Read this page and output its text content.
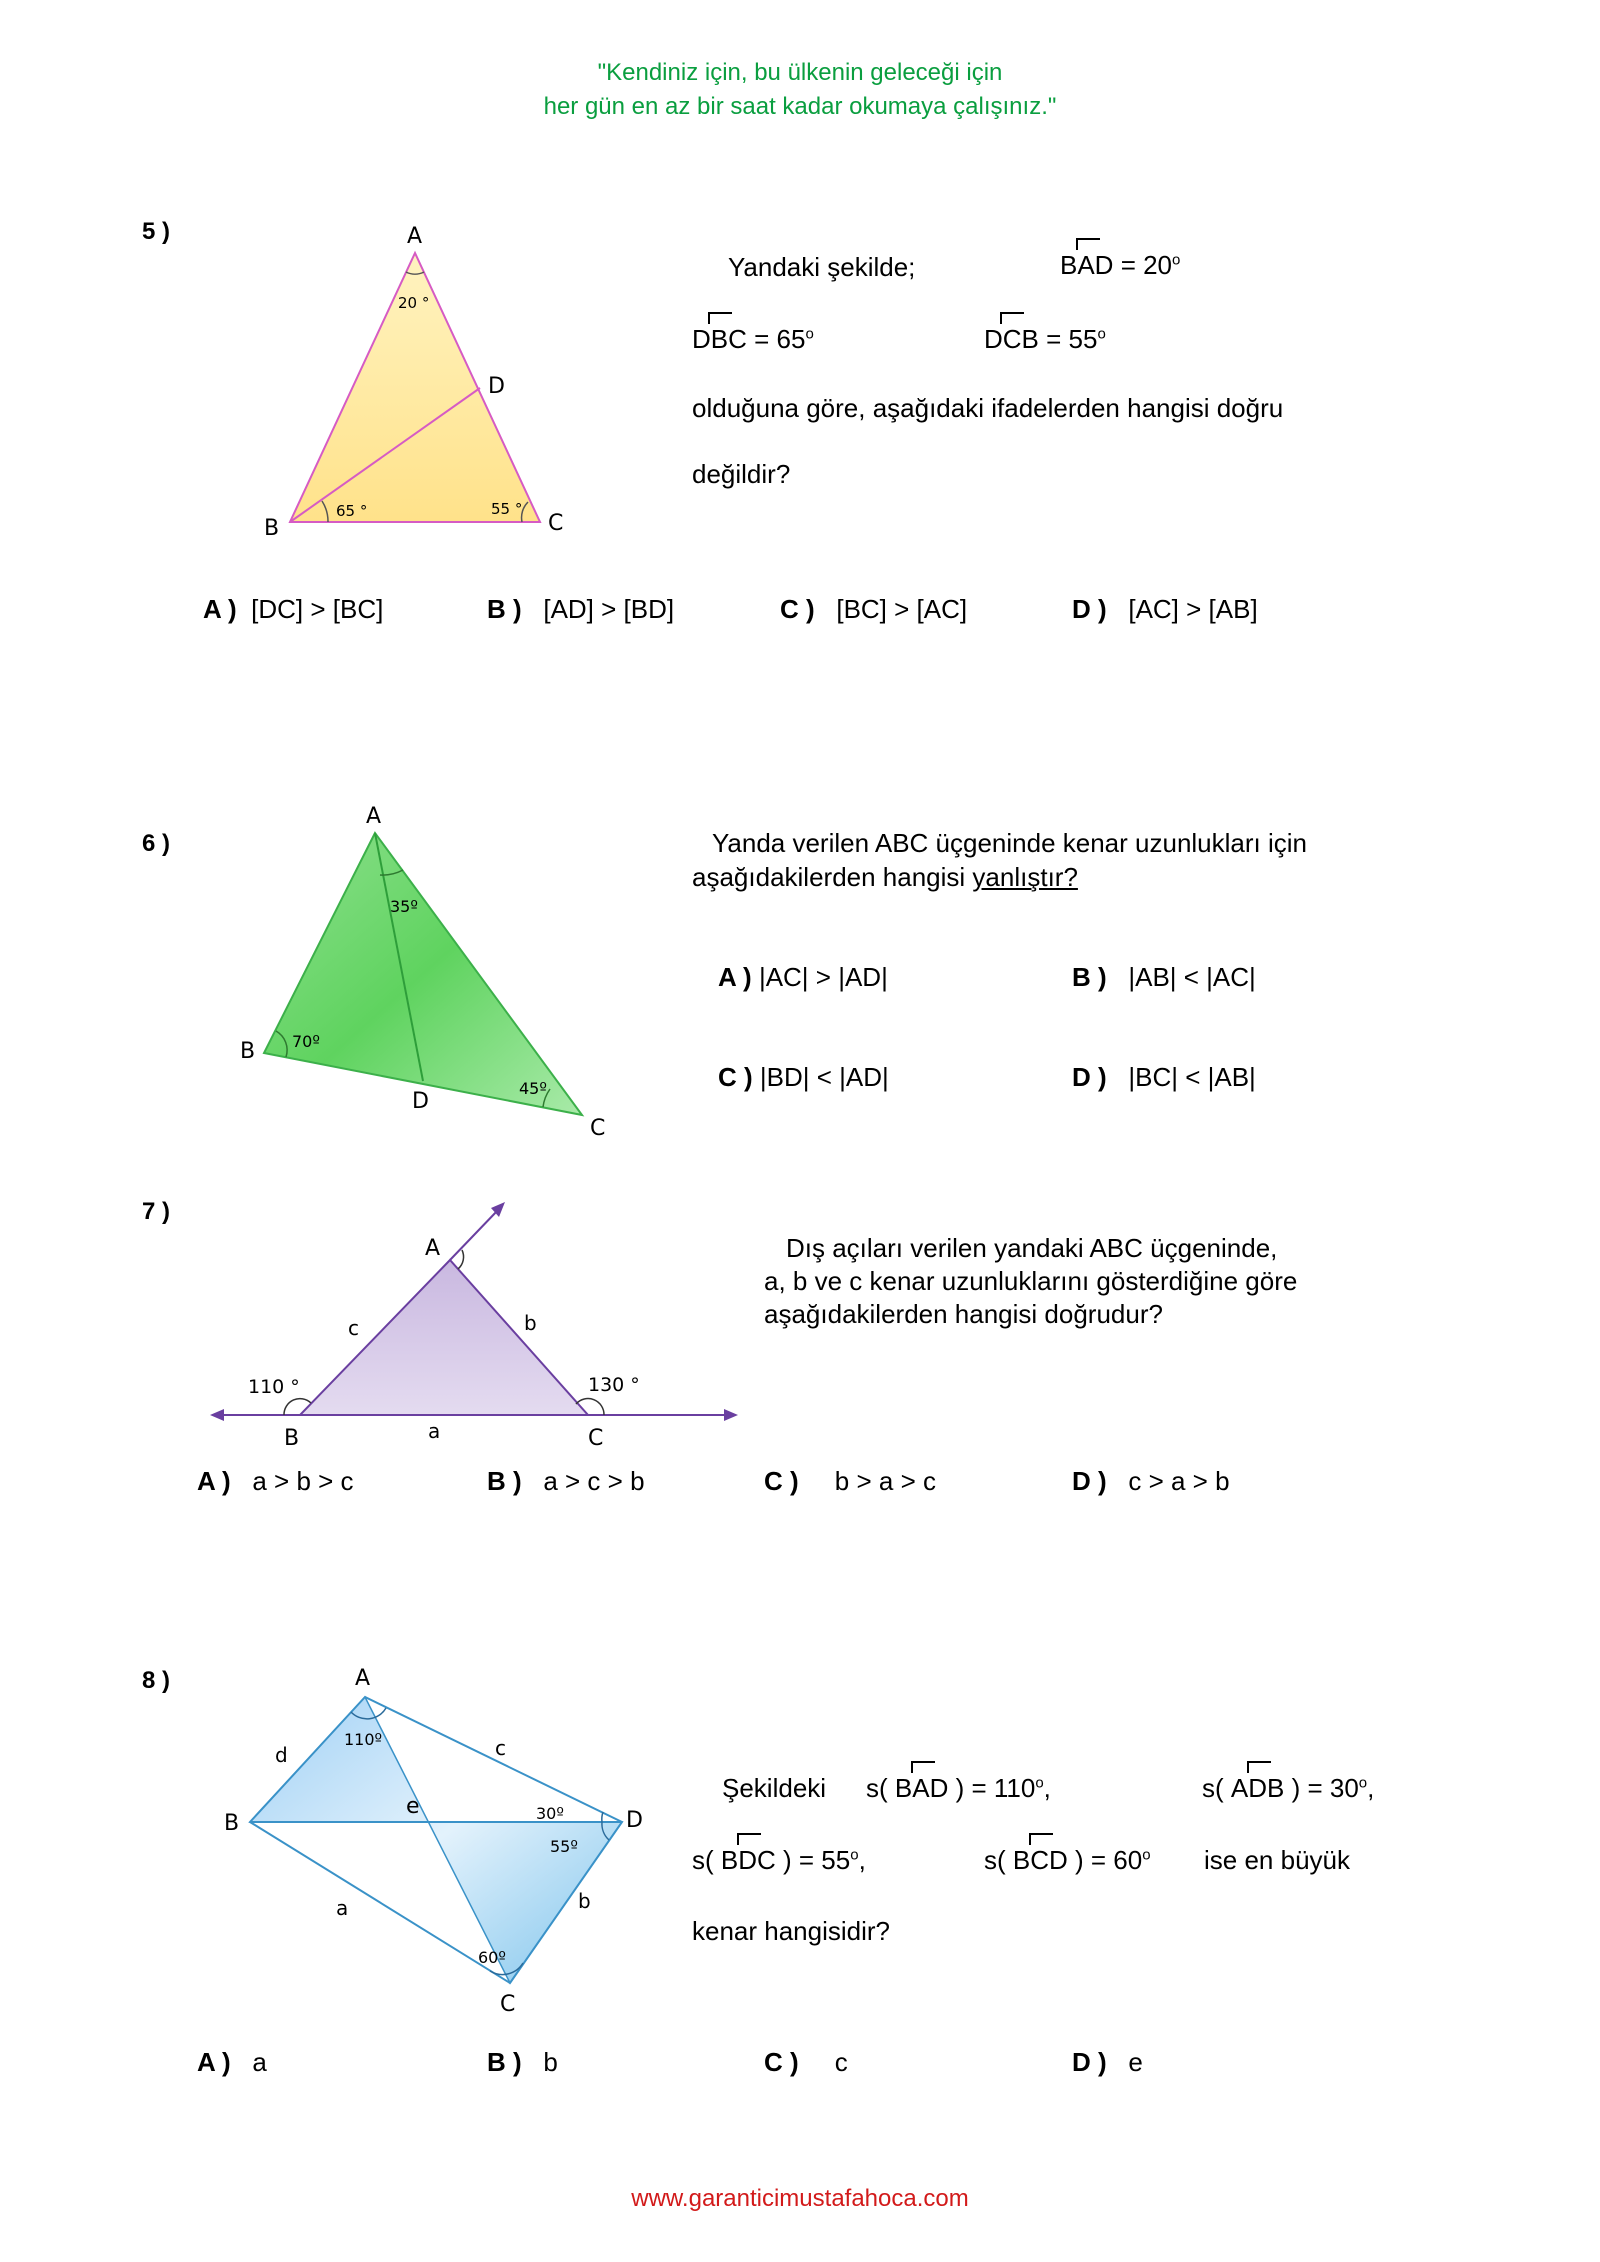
"Kendiniz için, bu ülkenin geleceği için
her gün en az bir saat kadar okumaya çalışınız."
5 )	A
B	C
D
20 °
65 °	55 °
Yandaki şekilde;	BAD = $20^o$
DBC = $65^o$	DCB = $55^o$
olduğuna göre, aşağıdaki ifadelerden hangisi doğru
değildir?
A ) [DC] > [BC]	B ) [AD] > [BD]	C ) [BC] > [AC]	D ) [AC] > [AB]
6 )
A
B
C
D
35º
70º
45º
Yanda verilen ABC üçgeninde kenar uzunlukları için
aşağıdakilerden hangisi yanlıştır?
A ) |AC| > |AD|	B ) |AB| < |AC|
C ) |BD| < |AD|	D ) |BC| < |AB|
7 )
A
B	C
a
b
c
110 °	130 °
Dış açıları verilen yandaki ABC üçgeninde,
a, b ve c kenar uzunluklarını gösterdiğine göre
aşağıdakilerden hangisi doğrudur?
A ) a > b > c	B ) a > c > b	C ) b > a > c	D ) c > a > b
8 )	A
B
C
D
110º
30º
55º
60º
d	c
e
a	b
Şekildeki s( BAD ) = $110^o$,	s( ADB ) = $30^o$,
s( BDC ) = $55^o$,	s( BCD ) = $60^o$ ise en büyük
kenar hangisidir?
A ) a	B ) b	C ) c	D ) e
www.garanticimustafahoca.com
